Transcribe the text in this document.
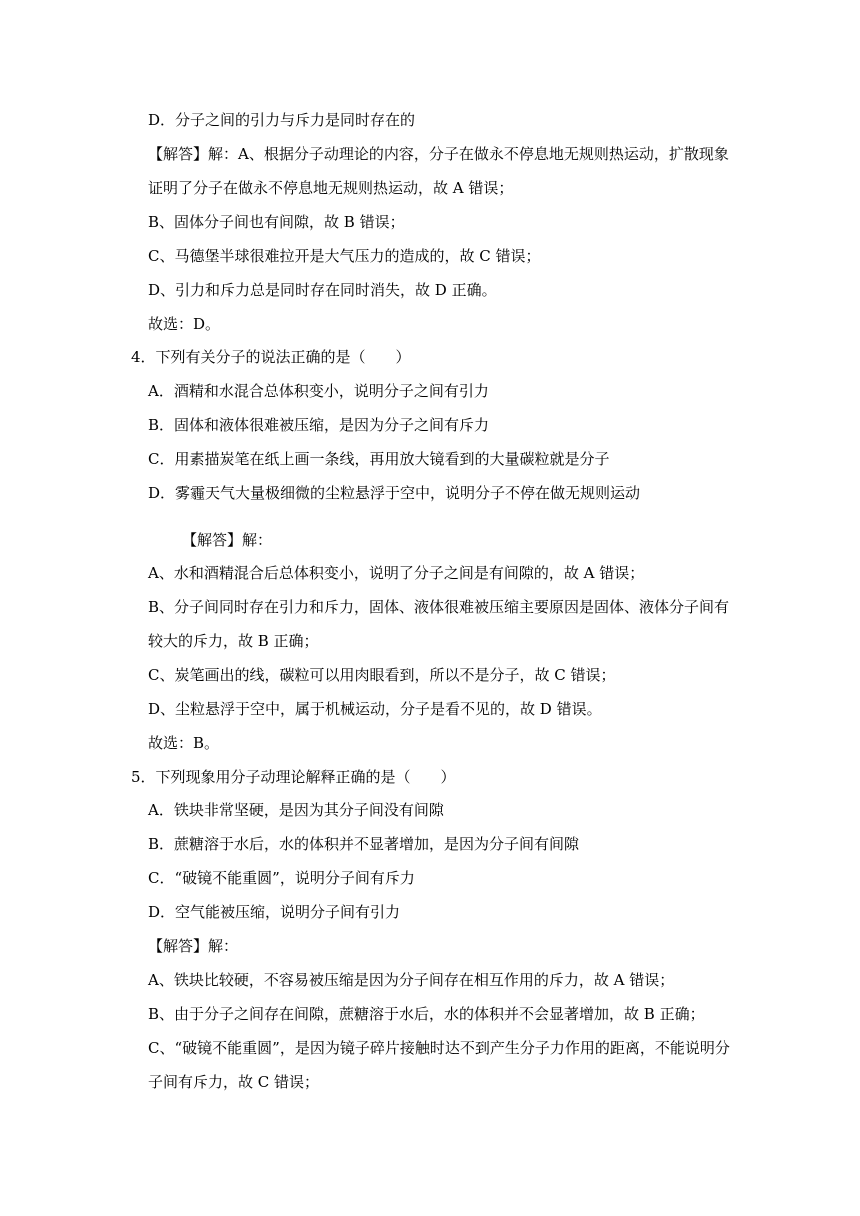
D．分子之间的引力与斥力是同时存在的
【解答】解：A、根据分子动理论的内容，分子在做永不停息地无规则热运动，扩散现象
证明了分子在做永不停息地无规则热运动，故 A 错误；
B、固体分子间也有间隙，故 B 错误；
C、马德堡半球很难拉开是大气压力的造成的，故 C 错误；
D、引力和斥力总是同时存在同时消失，故 D 正确。
故选：D。
4．下列有关分子的说法正确的是（　　）
A．酒精和水混合总体积变小，说明分子之间有引力
B．固体和液体很难被压缩，是因为分子之间有斥力
C．用素描炭笔在纸上画一条线，再用放大镜看到的大量碳粒就是分子
D．雾霾天气大量极细微的尘粒悬浮于空中，说明分子不停在做无规则运动
【解答】解：
A、水和酒精混合后总体积变小，说明了分子之间是有间隙的，故 A 错误；
B、分子间同时存在引力和斥力，固体、液体很难被压缩主要原因是固体、液体分子间有
较大的斥力，故 B 正确；
C、炭笔画出的线，碳粒可以用肉眼看到，所以不是分子，故 C 错误；
D、尘粒悬浮于空中，属于机械运动，分子是看不见的，故 D 错误。
故选：B。
5．下列现象用分子动理论解释正确的是（　　）
A．铁块非常坚硬，是因为其分子间没有间隙
B．蔗糖溶于水后，水的体积并不显著增加，是因为分子间有间隙
C．“破镜不能重圆”，说明分子间有斥力
D．空气能被压缩，说明分子间有引力
【解答】解：
A、铁块比较硬，不容易被压缩是因为分子间存在相互作用的斥力，故 A 错误；
B、由于分子之间存在间隙，蔗糖溶于水后，水的体积并不会显著增加，故 B 正确；
C、“破镜不能重圆”，是因为镜子碎片接触时达不到产生分子力作用的距离，不能说明分
子间有斥力，故 C 错误；
